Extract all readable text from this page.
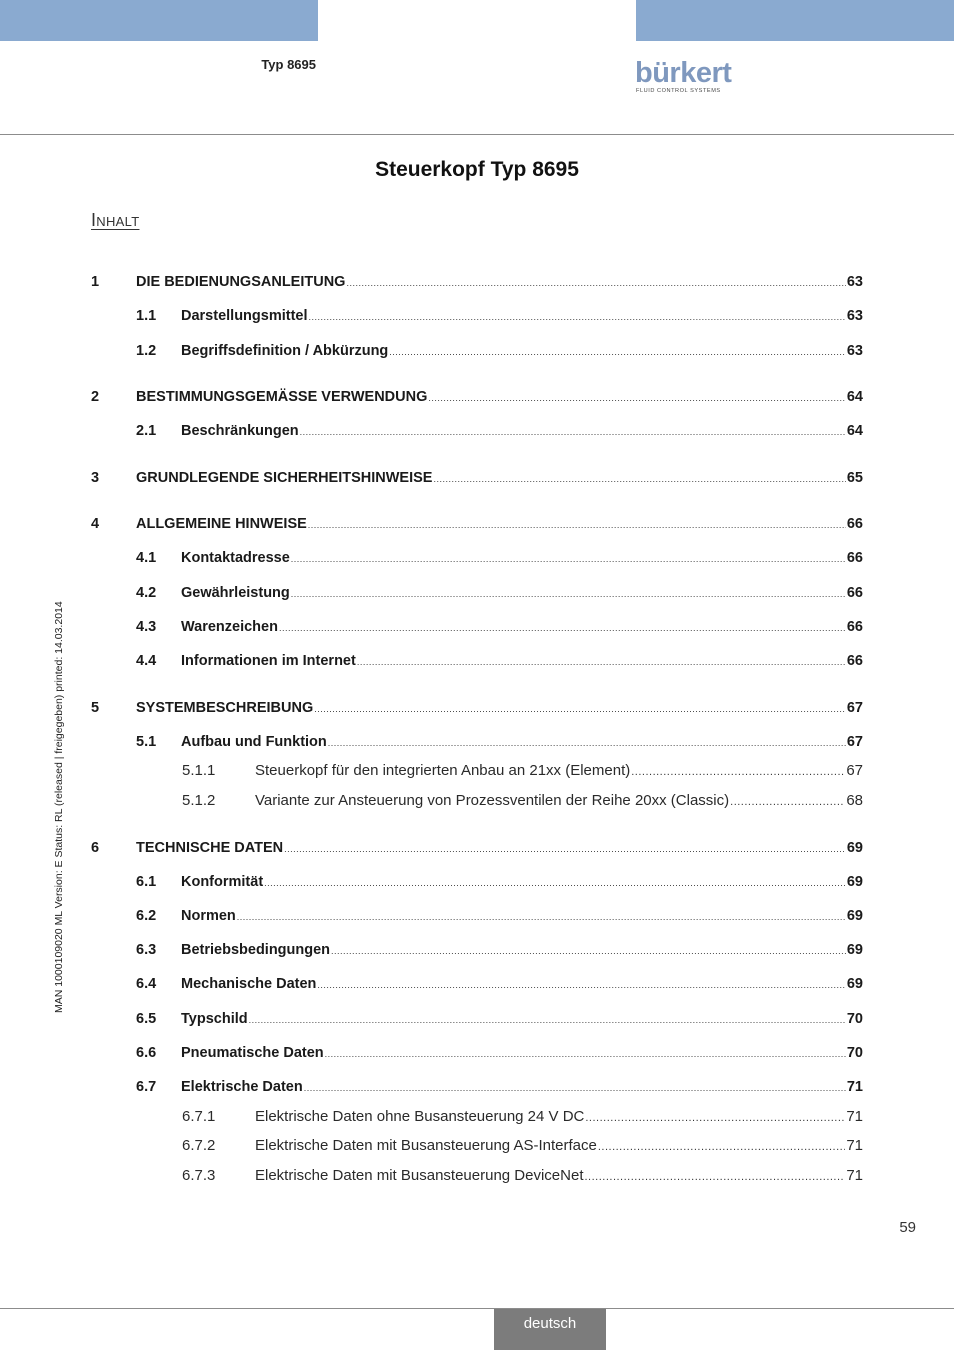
Typ 8695	bürkert
FLUID CONTROL SYSTEMS
Steuerkopf Typ 8695
Inhalt
MAN 1000109020 ML Version: E Status: RL (released | freigegeben) printed: 14.03.2014
1	DIE BEDIENUNGSANLEITUNG .....	63
1.1 Darstellungsmittel .....	63
1.2 Begriffsdefinition / Abkürzung .....	63
2	BESTIMMUNGSGEMÄSSE VERWENDUNG .....	64
2.1 Beschränkungen .....	64
3	GRUNDLEGENDE SICHERHEITSHINWEISE .....	65
4	ALLGEMEINE HINWEISE .....	66
4.1 Kontaktadresse .....	66
4.2 Gewährleistung .....	66
4.3 Warenzeichen .....	66
4.4 Informationen im Internet .....	66
5	SYSTEMBESCHREIBUNG .....	67
5.1 Aufbau und Funktion .....	67
5.1.1	Steuerkopf für den integrierten Anbau an 21xx (Element) .....	67
5.1.2	Variante zur Ansteuerung von Prozessventilen der Reihe 20xx (Classic) .....	68
6	TECHNISCHE DATEN .....	69
6.1 Konformität .....	69
6.2 Normen .....	69
6.3 Betriebsbedingungen .....	69
6.4 Mechanische Daten .....	69
6.5 Typschild .....	70
6.6 Pneumatische Daten .....	70
6.7 Elektrische Daten .....	71
6.7.1	Elektrische Daten ohne Busansteuerung 24 V DC .....	71
6.7.2	Elektrische Daten mit Busansteuerung AS-Interface .....	71
6.7.3	Elektrische Daten mit Busansteuerung DeviceNet .....	71
59
deutsch
